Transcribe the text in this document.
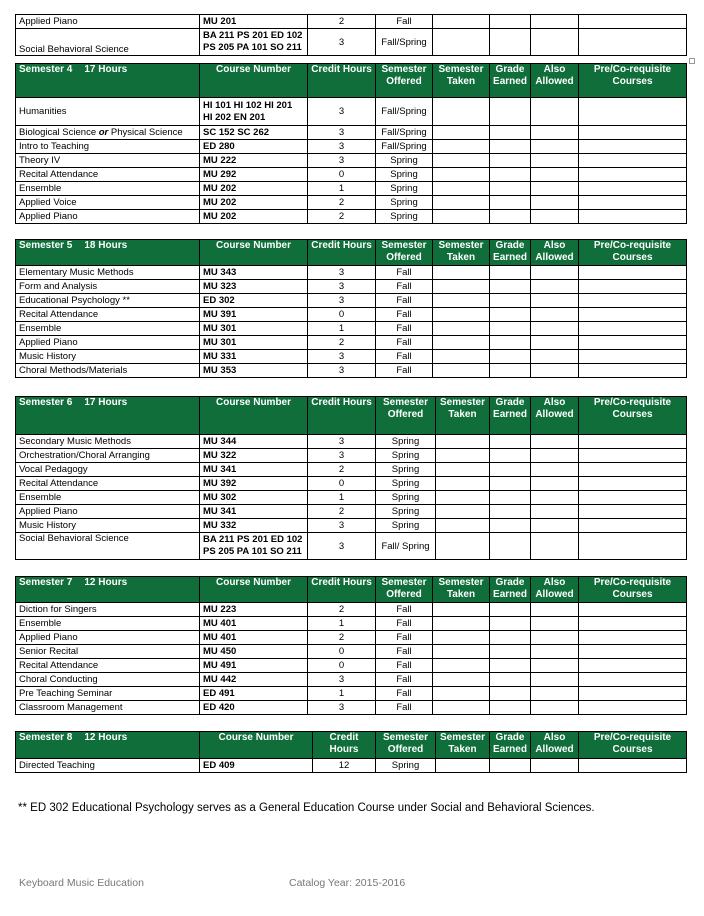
Applied Piano	MU 201	2	Fall				
Social Behavioral Science	BA 211 PS 201 ED 102 PS 205 PA 101 SO 211	3	Fall/Spring				
Semester 4 17 Hours	Course Number	Credit Hours	Semester Offered	Semester Taken	Grade Earned	Also Allowed	Pre/Co-requisite Courses
Humanities	HI 101 HI 102 HI 201 HI 202 EN 201	3	Fall/Spring				
Biological Science or Physical Science	SC 152 SC 262	3	Fall/Spring				
Intro to Teaching	ED 280	3	Fall/Spring				
Theory IV	MU 222	3	Spring				
Recital Attendance	MU 292	0	Spring				
Ensemble	MU 202	1	Spring				
Applied Voice	MU 202	2	Spring				
Applied Piano	MU 202	2	Spring				
Semester 5 18 Hours	Course Number	Credit Hours	Semester Offered	Semester Taken	Grade Earned	Also Allowed	Pre/Co-requisite Courses
Elementary Music Methods	MU 343	3	Fall				
Form and Analysis	MU 323	3	Fall				
Educational Psychology **	ED 302	3	Fall				
Recital Attendance	MU 391	0	Fall				
Ensemble	MU 301	1	Fall				
Applied Piano	MU 301	2	Fall				
Music History	MU 331	3	Fall				
Choral Methods/Materials	MU 353	3	Fall				
Semester 6 17 Hours	Course Number	Credit Hours	Semester Offered	Semester Taken	Grade Earned	Also Allowed	Pre/Co-requisite Courses
Secondary Music Methods	MU 344	3	Spring				
Orchestration/Choral Arranging	MU 322	3	Spring				
Vocal Pedagogy	MU 341	2	Spring				
Recital Attendance	MU 392	0	Spring				
Ensemble	MU 302	1	Spring				
Applied Piano	MU 341	2	Spring				
Music History	MU 332	3	Spring				
Social Behavioral Science	BA 211 PS 201 ED 102 PS 205 PA 101 SO 211	3	Fall/ Spring				
Semester 7 12 Hours	Course Number	Credit Hours	Semester Offered	Semester Taken	Grade Earned	Also Allowed	Pre/Co-requisite Courses
Diction for Singers	MU 223	2	Fall				
Ensemble	MU 401	1	Fall				
Applied Piano	MU 401	2	Fall				
Senior Recital	MU 450	0	Fall				
Recital Attendance	MU 491	0	Fall				
Choral Conducting	MU 442	3	Fall				
Pre Teaching Seminar	ED 491	1	Fall				
Classroom Management	ED 420	3	Fall				
Semester 8 12 Hours	Course Number	Credit Hours	Semester Offered	Semester Taken	Grade Earned	Also Allowed	Pre/Co-requisite Courses
Directed Teaching	ED 409	12	Spring				
** ED 302 Educational Psychology serves as a General Education Course under Social and Behavioral Sciences.
Keyboard Music Education	Catalog Year: 2015-2016
